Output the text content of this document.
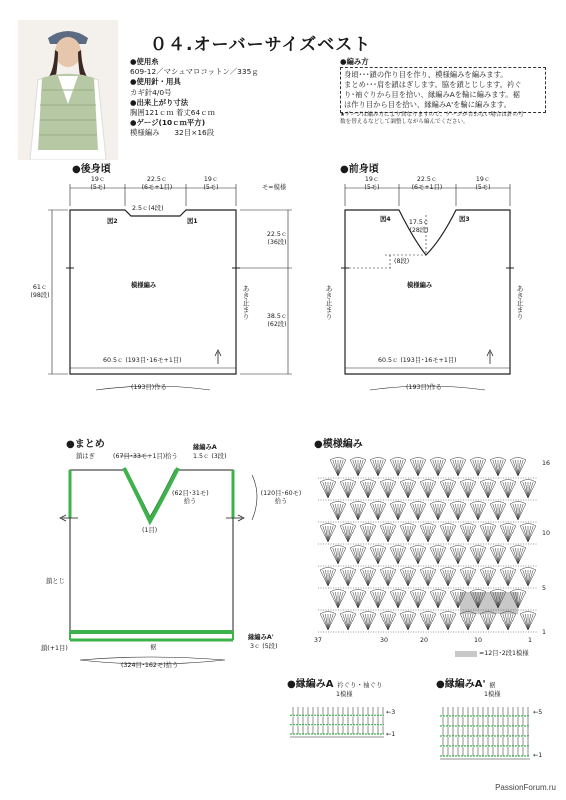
０４.オーバーサイズベスト
●使用糸
609-12／マシュマロコットン／335ｇ
●使用針・用具
カギ針4/0号
●出来上がり寸法
胸囲121ｃｍ 着丈64ｃｍ
●ゲージ(10ｃｍ平方)
模様編み　　32目×16段
●編み方
身頃･･･鎖の作り目を作り、模様編みを編みます。
まとめ･･･肩を鎖はぎします。脇を鎖とじします。衿ぐ
り･袖ぐりから目を拾い、縁編みAを輪に編みます。裾
は作り目から目を拾い、縁編みA'を輪に編みます。
★ゲージは編み方により異なりますので、ゲージが合わない場合は針の号
数を替えるなどして調整しながら編んでください。
●後身頃
19ｃ
(5モ)
22.5ｃ
(6モ+1目)
19ｃ
(5モ)	モ=模様
2.5ｃ(4段)
図2	図1
模様編み
61ｃ
(98段)
22.5ｃ
(36段)
38.5ｃ
(62段)
あき止まり
60.5ｃ (193目･16モ+1目)
(193目)作る
●前身頃
19ｃ
(5モ)
22.5ｃ
(6モ+1目)
19ｃ
(5モ)
図4	図3
17.5ｃ
(28段)
(8段)
模様編み
あき止まり	あき止まり
60.5ｃ (193目･16モ+1目)
(193目)作る
●まとめ	縁編みA
1.5ｃ (3段)
鎖はぎ	(67目･33モ+1目)拾う
(62目･31モ)
拾う
(1目)
(120目･60モ)
拾う
鎖とじ
鎖(+1目)	裾
縁編みA'
3ｃ (5段)
(324目･162モ)拾う
●模様編み
16
10
5
1
37	30	20	10	1
=12目･2段1模様
●縁編みA 衿ぐり・袖ぐり
1模様
←3
←1
●縁編みA' 裾
1模様
←5
←1
PassionForum.ru
